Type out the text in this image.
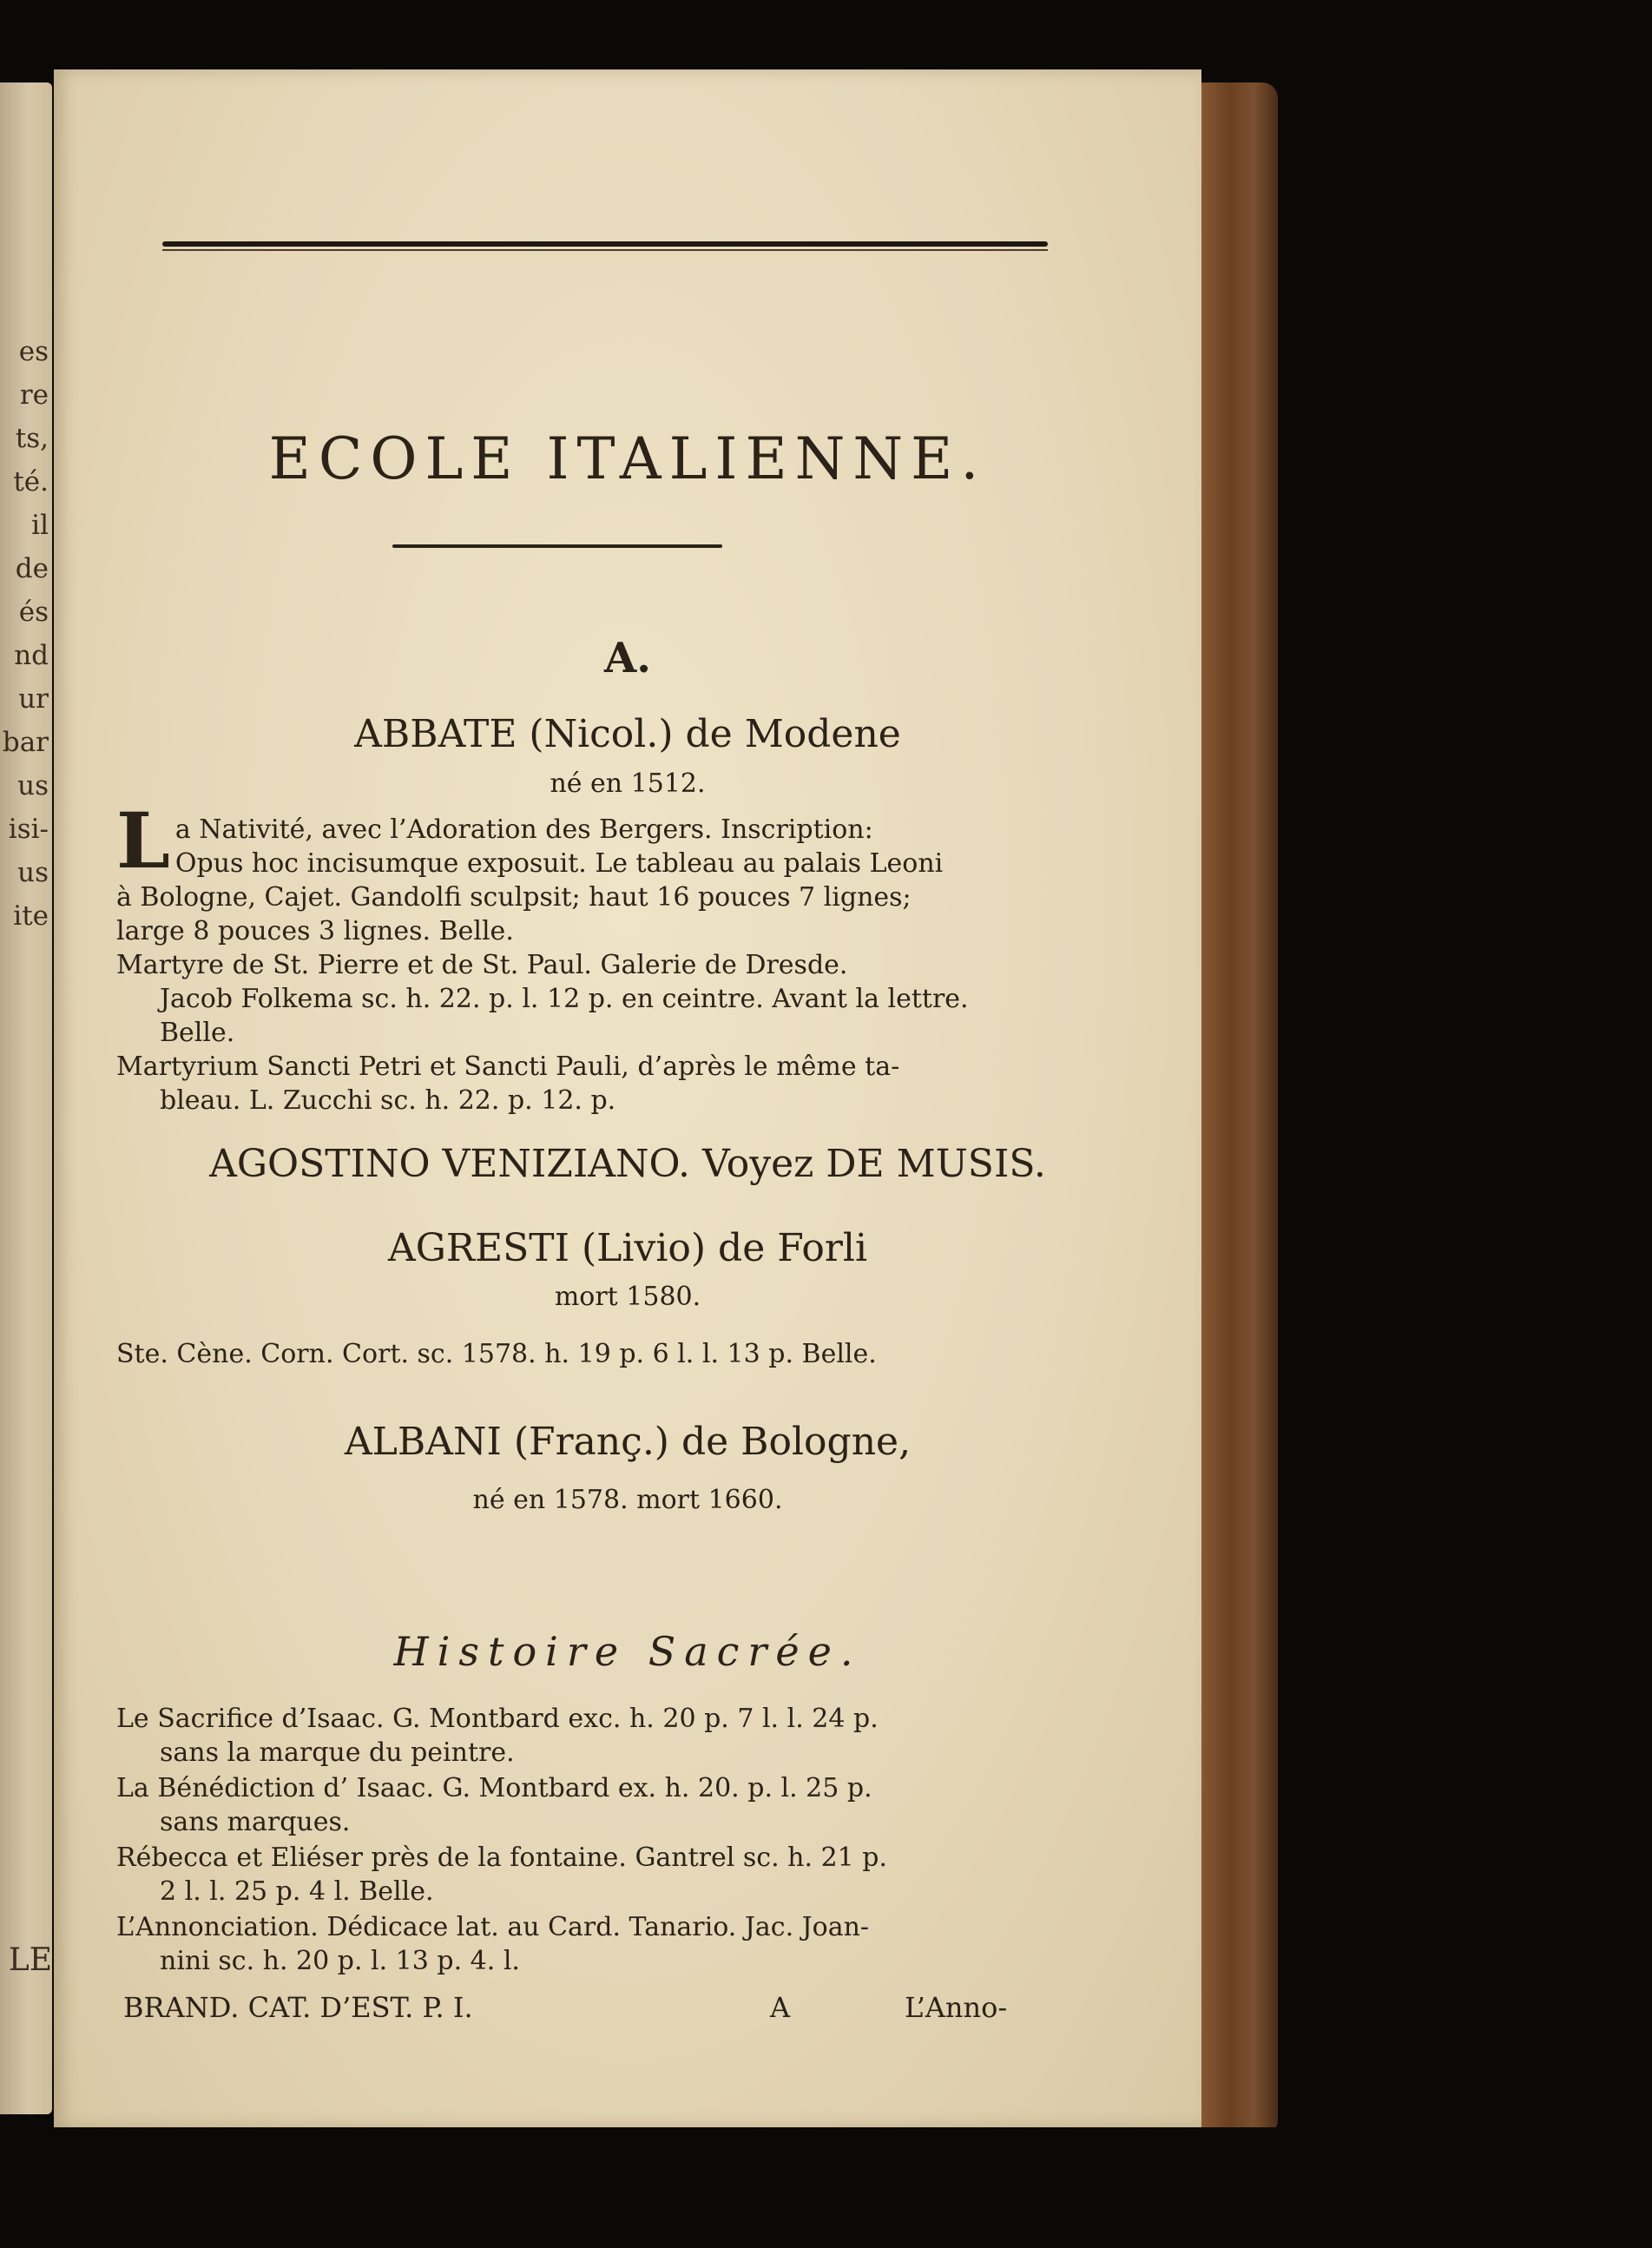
es
re
ts,
té.
il
de
és
nd
ur
bar
us
isi-
us
ite
LE
ECOLE ITALIENNE.
A.
ABBATE (Nicol.) de Modene
né en 1512.
L a Nativité, avec l’Adoration des Bergers. Inscription:
Opus hoc incisumque exposuit. Le tableau au palais Leoni
à Bologne, Cajet. Gandolfi sculpsit; haut 16 pouces 7 lignes;
large 8 pouces 3 lignes. Belle.
Martyre de St. Pierre et de St. Paul. Galerie de Dresde.
Jacob Folkema sc. h. 22. p. l. 12 p. en ceintre. Avant la lettre.
Belle.
Martyrium Sancti Petri et Sancti Pauli, d’après le même ta-
bleau. L. Zucchi sc. h. 22. p. 12. p.
AGOSTINO VENIZIANO. Voyez DE MUSIS.
AGRESTI (Livio) de Forli
mort 1580.
Ste. Cène. Corn. Cort. sc. 1578. h. 19 p. 6 l. l. 13 p. Belle.
ALBANI (Franç.) de Bologne,
né en 1578. mort 1660.
Histoire Sacrée.
Le Sacrifice d’Isaac. G. Montbard exc. h. 20 p. 7 l. l. 24 p.
sans la marque du peintre.
La Bénédiction d’ Isaac. G. Montbard ex. h. 20. p. l. 25 p.
sans marques.
Rébecca et Eliéser près de la fontaine. Gantrel sc. h. 21 p.
2 l. l. 25 p. 4 l. Belle.
L’Annonciation. Dédicace lat. au Card. Tanario. Jac. Joan-
nini sc. h. 20 p. l. 13 p. 4. l.
BRAND. CAT. D’EST. P. I.	A	L’Anno-
